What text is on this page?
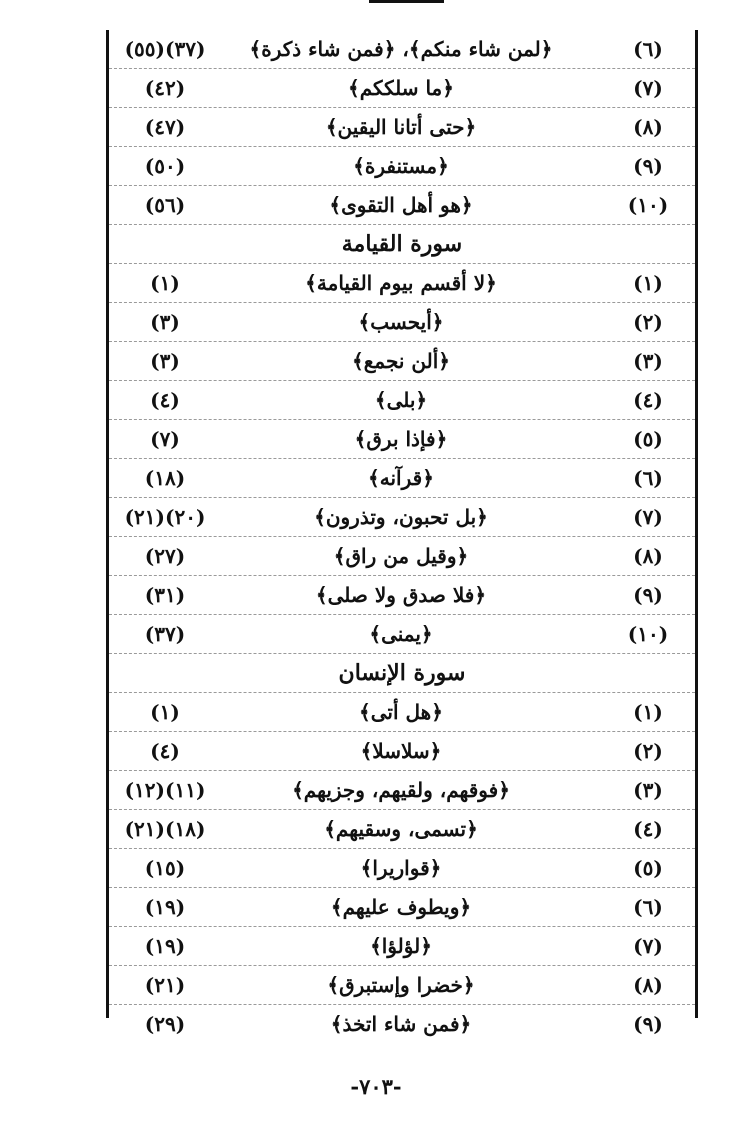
(٦)
﴿لمن شاء منكم﴾، ﴿فمن شاء ذكرة﴾
(٣٧)(٥٥)
(٧)
﴿ما سلككم﴾
(٤٢)
(٨)
﴿حتى أتانا اليقين﴾
(٤٧)
(٩)
﴿مستنفرة﴾
(٥٠)
(١٠)
﴿هو أهل التقوى﴾
(٥٦)
سورة القيامة
(١)
﴿لا أقسم بيوم القيامة﴾
(١)
(٢)
﴿أيحسب﴾
(٣)
(٣)
﴿ألن نجمع﴾
(٣)
(٤)
﴿بلى﴾
(٤)
(٥)
﴿فإذا برق﴾
(٧)
(٦)
﴿قرآنه﴾
(١٨)
(٧)
﴿بل تحبون، وتذرون﴾
(٢٠)(٢١)
(٨)
﴿وقيل من راق﴾
(٢٧)
(٩)
﴿فلا صدق ولا صلى﴾
(٣١)
(١٠)
﴿يمنى﴾
(٣٧)
سورة الإنسان
(١)
﴿هل أتى﴾
(١)
(٢)
﴿سلاسلا﴾
(٤)
(٣)
﴿فوقهم، ولقيهم، وجزيهم﴾
(١١)(١٢)
(٤)
﴿تسمى، وسقيهم﴾
(١٨)(٢١)
(٥)
﴿قواريرا﴾
(١٥)
(٦)
﴿ويطوف عليهم﴾
(١٩)
(٧)
﴿لؤلؤا﴾
(١٩)
(٨)
﴿خضرا وإستبرق﴾
(٢١)
(٩)
﴿فمن شاء اتخذ﴾
(٢٩)
-٧٠٣-
